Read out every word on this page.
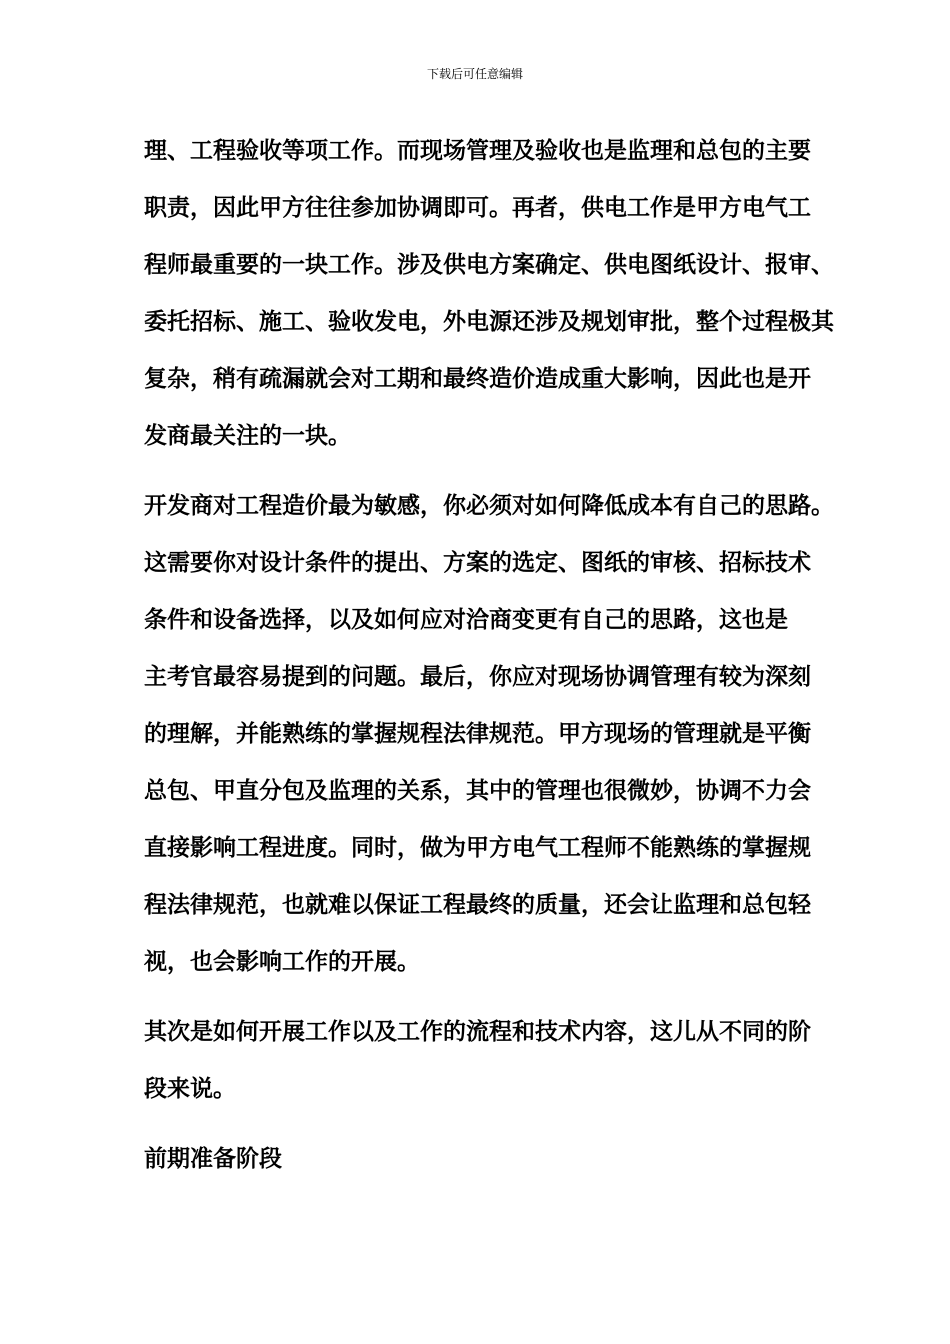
下载后可任意编辑
理、工程验收等项工作。而现场管理及验收也是监理和总包的主要
职责，因此甲方往往参加协调即可。再者，供电工作是甲方电气工
程师最重要的一块工作。涉及供电方案确定、供电图纸设计、报审、
委托招标、施工、验收发电，外电源还涉及规划审批，整个过程极其
复杂，稍有疏漏就会对工期和最终造价造成重大影响，因此也是开
发商最关注的一块。
开发商对工程造价最为敏感，你必须对如何降低成本有自己的思路。
这需要你对设计条件的提出、方案的选定、图纸的审核、招标技术
条件和设备选择，以及如何应对洽商变更有自己的思路，这也是
主考官最容易提到的问题。最后，你应对现场协调管理有较为深刻
的理解，并能熟练的掌握规程法律规范。甲方现场的管理就是平衡
总包、甲直分包及监理的关系，其中的管理也很微妙，协调不力会
直接影响工程进度。同时，做为甲方电气工程师不能熟练的掌握规
程法律规范，也就难以保证工程最终的质量，还会让监理和总包轻
视，也会影响工作的开展。
其次是如何开展工作以及工作的流程和技术内容，这儿从不同的阶
段来说。
前期准备阶段
